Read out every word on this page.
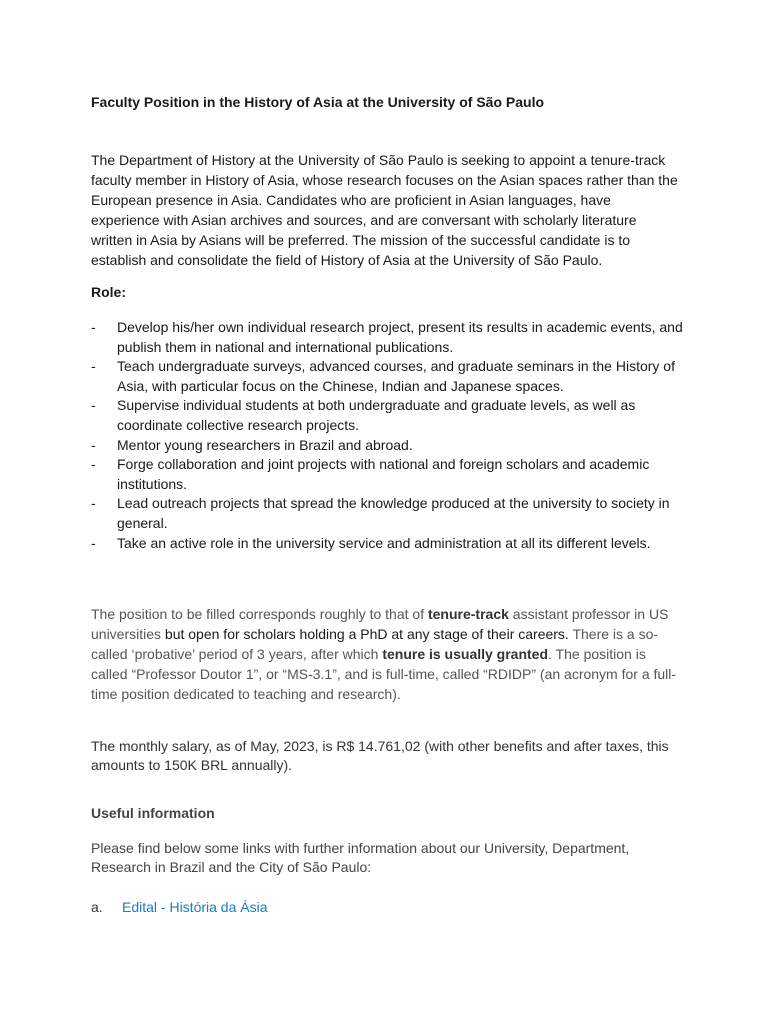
Faculty Position in the History of Asia at the University of São Paulo

The Department of History at the University of São Paulo is seeking to appoint a tenure-track faculty member in History of Asia, whose research focuses on the Asian spaces rather than the European presence in Asia. Candidates who are proficient in Asian languages, have experience with Asian archives and sources, and are conversant with scholarly literature written in Asia by Asians will be preferred. The mission of the successful candidate is to establish and consolidate the field of History of Asia at the University of São Paulo.

Role:
- Develop his/her own individual research project, present its results in academic events, and publish them in national and international publications.
- Teach undergraduate surveys, advanced courses, and graduate seminars in the History of Asia, with particular focus on the Chinese, Indian and Japanese spaces.
- Supervise individual students at both undergraduate and graduate levels, as well as coordinate collective research projects.
- Mentor young researchers in Brazil and abroad.
- Forge collaboration and joint projects with national and foreign scholars and academic institutions.
- Lead outreach projects that spread the knowledge produced at the university to society in general.
- Take an active role in the university service and administration at all its different levels.

The position to be filled corresponds roughly to that of tenure-track assistant professor in US universities but open for scholars holding a PhD at any stage of their careers. There is a so-called ‘probative’ period of 3 years, after which tenure is usually granted. The position is called “Professor Doutor 1”, or “MS-3.1”, and is full-time, called “RDIDP” (an acronym for a full-time position dedicated to teaching and research).

The monthly salary, as of May, 2023, is R$ 14.761,02 (with other benefits and after taxes, this amounts to 150K BRL annually).

Useful information

Please find below some links with further information about our University, Department, Research in Brazil and the City of São Paulo:

a. Edital - História da Ásia
